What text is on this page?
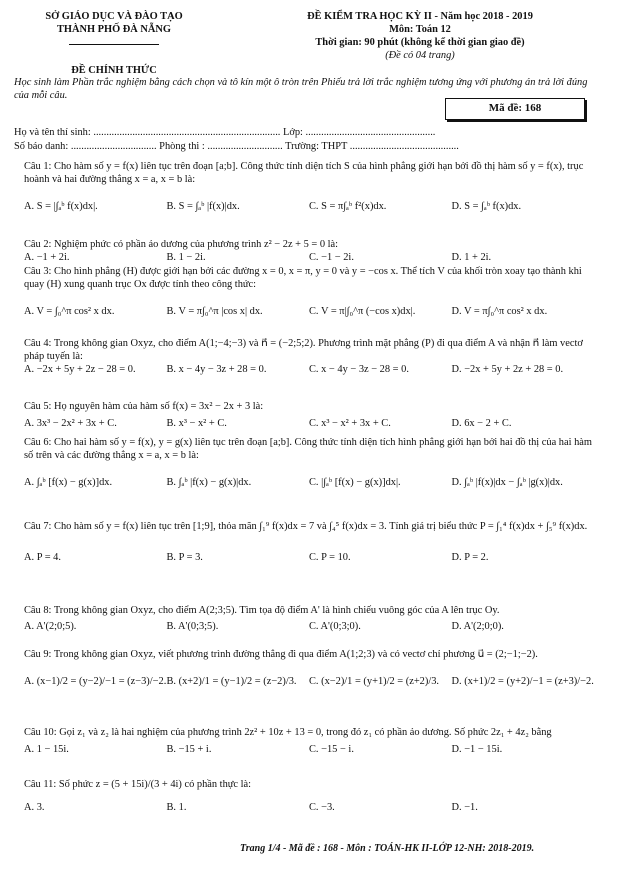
SỞ GIÁO DỤC VÀ ĐÀO TẠO
THÀNH PHỐ ĐÀ NẴNG
ĐỀ CHÍNH THỨC
ĐỀ KIỂM TRA HỌC KỲ II - Năm học 2018 - 2019
Môn: Toán 12
Thời gian: 90 phút (không kể thời gian giao đề)
(Đề có 04 trang)
Học sinh làm Phần trắc nghiệm bằng cách chọn và tô kín một ô tròn trên Phiếu trả lời trắc nghiệm tương ứng với phương án trả lời đúng của mỗi câu.
Mã đề: 168
Họ và tên thí sinh: ........................................................................ Lớp: ..................................................
Số báo danh: ................................. Phòng thi : ............................. Trường: THPT ..........................................
Câu 1: Cho hàm số y = f(x) liên tục trên đoạn [a;b]. Công thức tính diện tích S của hình phẳng giới hạn bởi đồ thị hàm số y = f(x), trục hoành và hai đường thẳng x = a, x = b là:
A. S = |∫ₐᵇ f(x)dx|.	B. S = ∫ₐᵇ |f(x)|dx.	C. S = π∫ₐᵇ f²(x)dx.	D. S = ∫ₐᵇ f(x)dx.
Câu 2: Nghiệm phức có phần ảo dương của phương trình z² − 2z + 5 = 0 là:
A. −1 + 2i.	B. 1 − 2i.	C. −1 − 2i.	D. 1 + 2i.
Câu 3: Cho hình phẳng (H) được giới hạn bởi các đường x = 0, x = π, y = 0 và y = −cos x. Thể tích V của khối tròn xoay tạo thành khi quay (H) xung quanh trục Ox được tính theo công thức:
A. V = ∫₀^π cos² x dx.	B. V = π∫₀^π |cos x| dx.	C. V = π|∫₀^π (−cos x)dx|.	D. V = π∫₀^π cos² x dx.
Câu 4: Trong không gian Oxyz, cho điểm A(1;−4;−3) và n⃗ = (−2;5;2). Phương trình mặt phẳng (P) đi qua điểm A và nhận n⃗ làm vectơ pháp tuyến là:
A. −2x + 5y + 2z − 28 = 0.	B. x − 4y − 3z + 28 = 0.	C. x − 4y − 3z − 28 = 0.	D. −2x + 5y + 2z + 28 = 0.
Câu 5: Họ nguyên hàm của hàm số f(x) = 3x² − 2x + 3 là:
A. 3x³ − 2x² + 3x + C.	B. x³ − x² + C.	C. x³ − x² + 3x + C.	D. 6x − 2 + C.
Câu 6: Cho hai hàm số y = f(x), y = g(x) liên tục trên đoạn [a;b]. Công thức tính diện tích hình phẳng giới hạn bởi hai đồ thị của hai hàm số trên và các đường thẳng x = a, x = b là:
A. ∫ₐᵇ [f(x) − g(x)]dx.	B. ∫ₐᵇ |f(x) − g(x)|dx.	C. |∫ₐᵇ [f(x) − g(x)]dx|.	D. ∫ₐᵇ |f(x)|dx − ∫ₐᵇ |g(x)|dx.
Câu 7: Cho hàm số y = f(x) liên tục trên [1;9], thỏa mãn ∫₁⁹ f(x)dx = 7 và ∫₄⁵ f(x)dx = 3. Tính giá trị biểu thức P = ∫₁⁴ f(x)dx + ∫₅⁹ f(x)dx.
A. P = 4.	B. P = 3.	C. P = 10.	D. P = 2.
Câu 8: Trong không gian Oxyz, cho điểm A(2;3;5). Tìm tọa độ điểm A' là hình chiếu vuông góc của A lên trục Oy.
A. A'(2;0;5).	B. A'(0;3;5).	C. A'(0;3;0).	D. A'(2;0;0).
Câu 9: Trong không gian Oxyz, viết phương trình đường thẳng đi qua điểm A(1;2;3) và có vectơ chỉ phương u⃗ = (2;−1;−2).
A. (x−1)/2 = (y−2)/−1 = (z−3)/−2. B. (x+2)/1 = (y−1)/2 = (z−2)/3.	C. (x−2)/1 = (y+1)/2 = (z+2)/3.	D. (x+1)/2 = (y+2)/−1 = (z+3)/−2.
Câu 10: Gọi z₁ và z₂ là hai nghiệm của phương trình 2z² + 10z + 13 = 0, trong đó z₁ có phần ảo dương. Số phức 2z₁ + 4z₂ bằng
A. 1 − 15i.	B. −15 + i.	C. −15 − i.	D. −1 − 15i.
Câu 11: Số phức z = (5 + 15i)/(3 + 4i) có phần thực là:
A. 3.	B. 1.	C. −3.	D. −1.
Trang 1/4 - Mã đề : 168 - Môn : TOÁN-HK II-LỚP 12-NH: 2018-2019.
